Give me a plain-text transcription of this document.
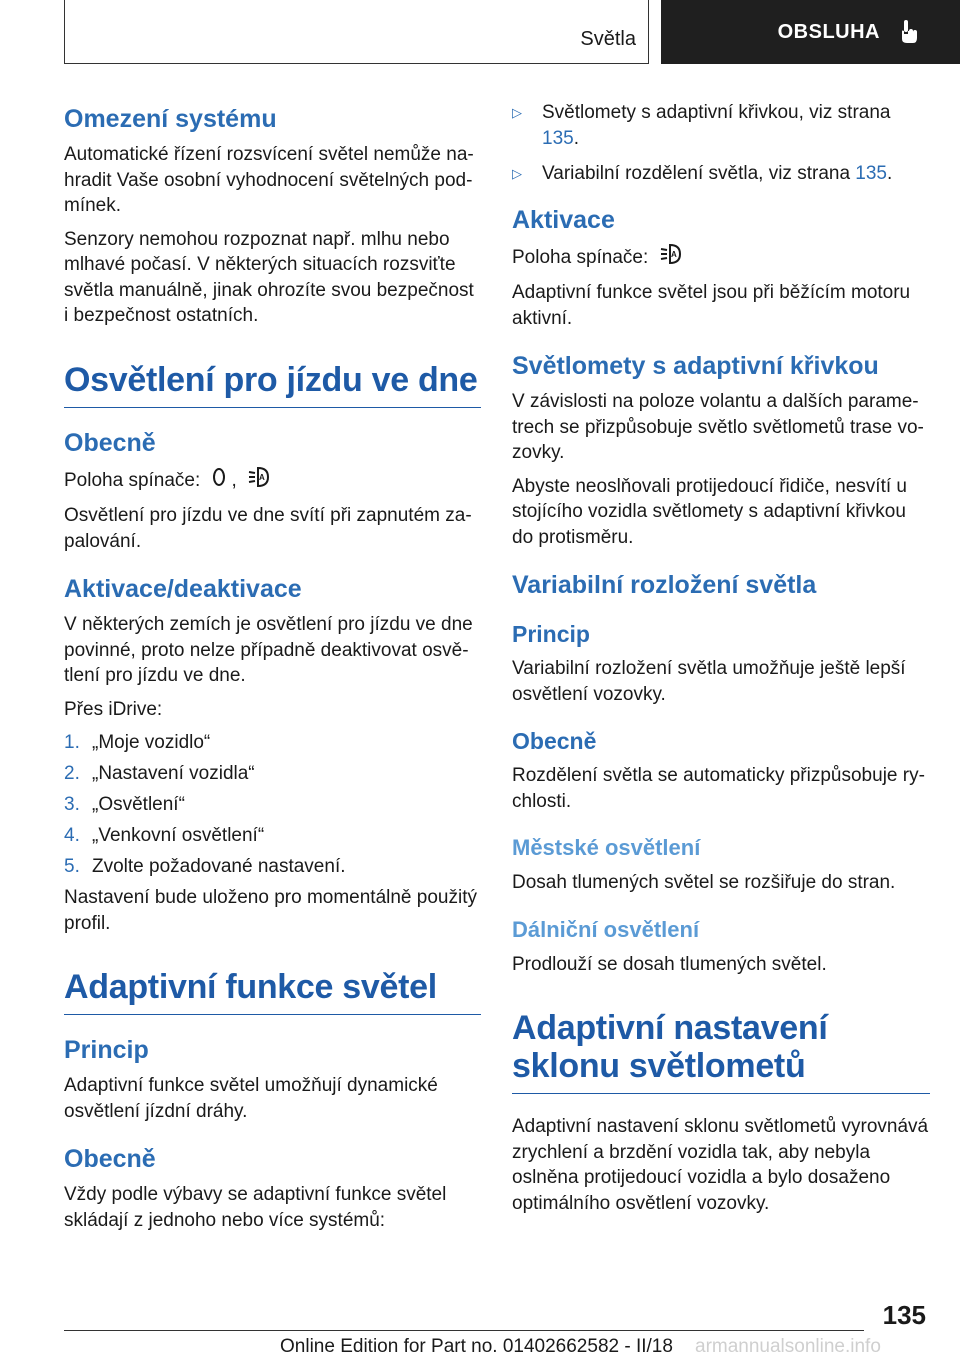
Světla	OBSLUHA
Omezení systému

Automatické řízení rozsvícení světel nemůže nahradit Vaše osobní vyhodnocení světelných podmínek.

Senzory nemohou rozpoznat např. mlhu nebo mlhavé počasí. V některých situacích rozsviťte světla manuálně, jinak ohrozíte svou bezpečnost i bezpečnost ostatních.

Osvětlení pro jízdu ve dne
Obecně

Poloha spínače: ,	A

Osvětlení pro jízdu ve dne svítí při zapnutém zapalování.

Aktivace/deaktivace

V některých zemích je osvětlení pro jízdu ve dne povinné, proto nelze případně deaktivovat osvětlení pro jízdu ve dne.

Přes iDrive:

1. „Moje vozidlo“
2. „Nastavení vozidla“
3. „Osvětlení“
4. „Venkovní osvětlení“
5. Zvolte požadované nastavení.

Nastavení bude uloženo pro momentálně použitý profil.

Adaptivní funkce světel
Princip

Adaptivní funkce světel umožňují dynamické osvětlení jízdní dráhy.

Obecně

Vždy podle výbavy se adaptivní funkce světel skládají z jednoho nebo více systémů:

▷	Světlomety s adaptivní křivkou, viz strana 135.
▷	Variabilní rozdělení světla, viz strana 135.
Aktivace

Poloha spínače:	A

Adaptivní funkce světel jsou při běžícím motoru aktivní.

Světlomety s adaptivní křivkou

V závislosti na poloze volantu a dalších parametrech se přizpůsobuje světlo světlometů trase vozovky.

Abyste neoslňovali protijedoucí řidiče, nesvítí u stojícího vozidla světlomety s adaptivní křivkou do protisměru.

Variabilní rozložení světla
Princip

Variabilní rozložení světla umožňuje ještě lepší osvětlení vozovky.

Obecně

Rozdělení světla se automaticky přizpůsobuje rychlosti.

Městské osvětlení

Dosah tlumených světel se rozšiřuje do stran.

Dálniční osvětlení

Prodlouží se dosah tlumených světel.

Adaptivní nastavení sklonu světlometů

Adaptivní nastavení sklonu světlometů vyrovnává zrychlení a brzdění vozidla tak, aby nebyla oslněna protijedoucí vozidla a bylo dosaženo optimálního osvětlení vozovky.

135
Online Edition for Part no. 01402662582 - II/18 armannualsonline.info
